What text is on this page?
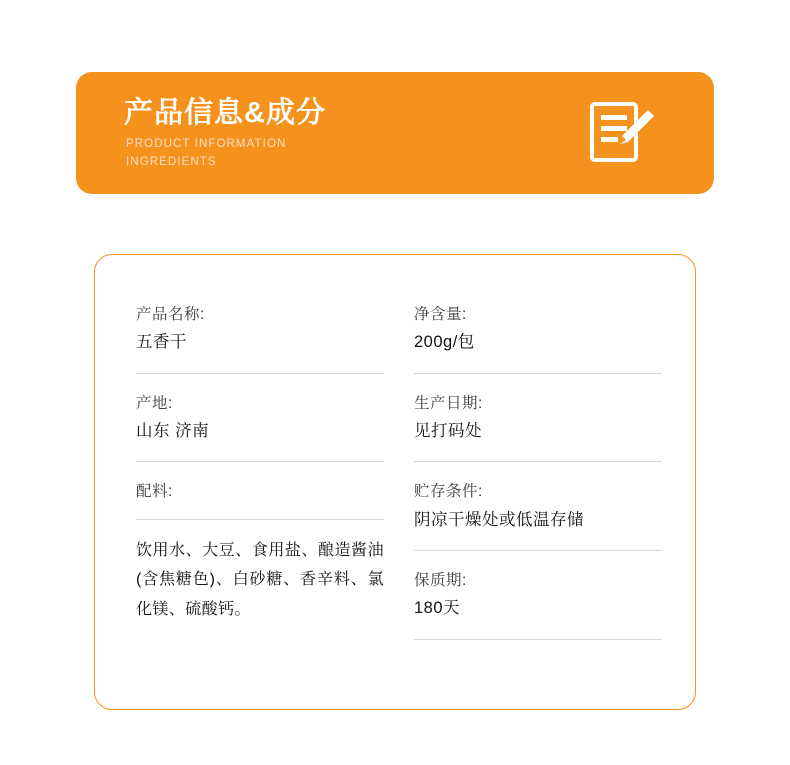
产品信息&成分
PRODUCT INFORMATION
INGREDIENTS
产品名称:
五香干
产地:
山东 济南
配料:
饮用水、大豆、食用盐、酿造酱油(含焦糖色)、白砂糖、香辛料、氯化镁、硫酸钙。
净含量:
200g/包
生产日期:
见打码处
贮存条件:
阴凉干燥处或低温存储
保质期:
180天
